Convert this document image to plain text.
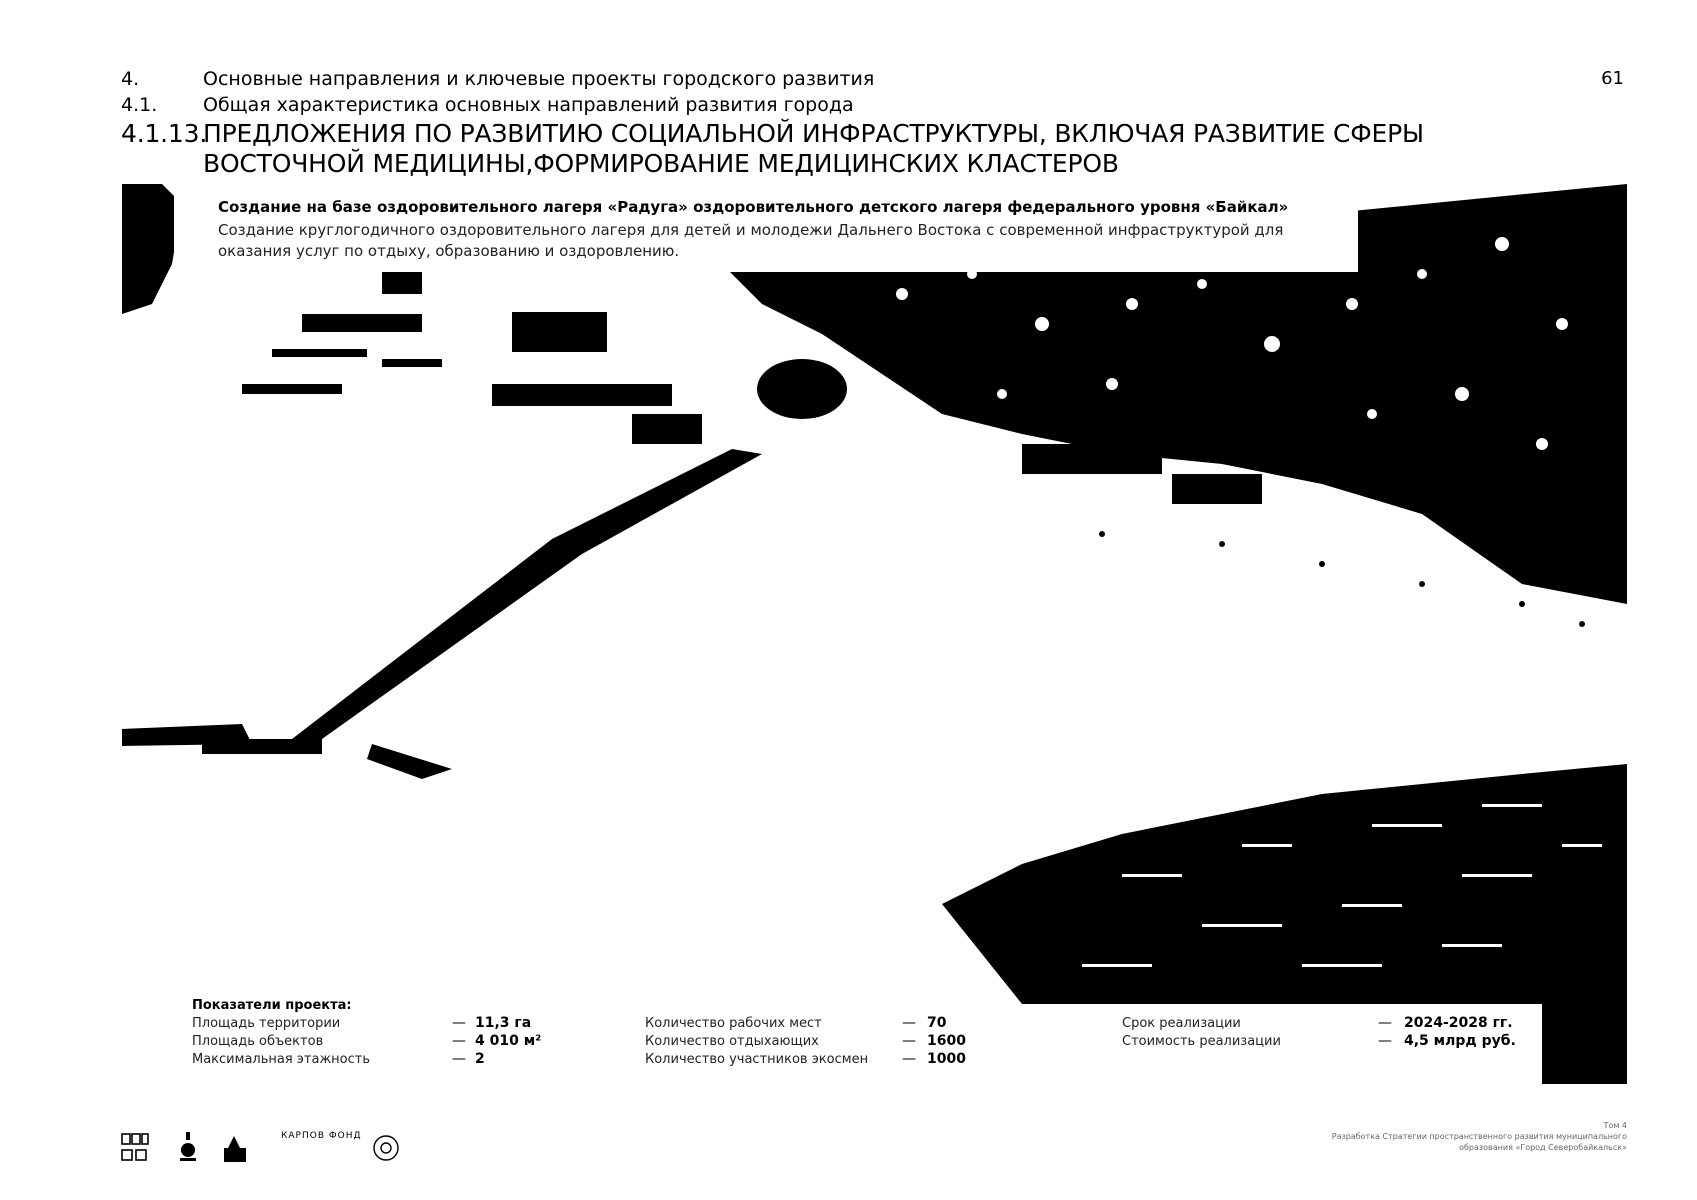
4.	Основные направления и ключевые проекты городского развития
4.1. Общая характеристика основных направлений развития города
4.1.13.
ПРЕДЛОЖЕНИЯ ПО РАЗВИТИЮ СОЦИАЛЬНОЙ ИНФРАСТРУКТУРЫ, ВКЛЮЧАЯ РАЗВИТИЕ СФЕРЫ
ВОСТОЧНОЙ МЕДИЦИНЫ,ФОРМИРОВАНИЕ МЕДИЦИНСКИХ КЛАСТЕРОВ
61
Создание на базе оздоровительного лагеря «Радуга» оздоровительного детского лагеря федерального уровня «Байкал»
Создание круглогодичного оздоровительного лагеря для детей и молодежи Дальнего Востока с современной инфраструктурой для оказания услуг по отдыху, образованию и оздоровлению.
Показатели проекта:
Площадь территории
Площадь объектов
Максимальная этажность
—
—
—
11,3 га
4 010 м²
2
Количество рабочих мест
Количество отдыхающих
Количество участников экосмен
—
—
—
70
1600
1000
Срок реализации
Стоимость реализации
—
—
2024-2028 гг.
4,5 млрд руб.
КАРПОВ ФОНД
Том 4
Разработка Стратегии пространственного развития муниципального
образования «Город Северобайкальск»
